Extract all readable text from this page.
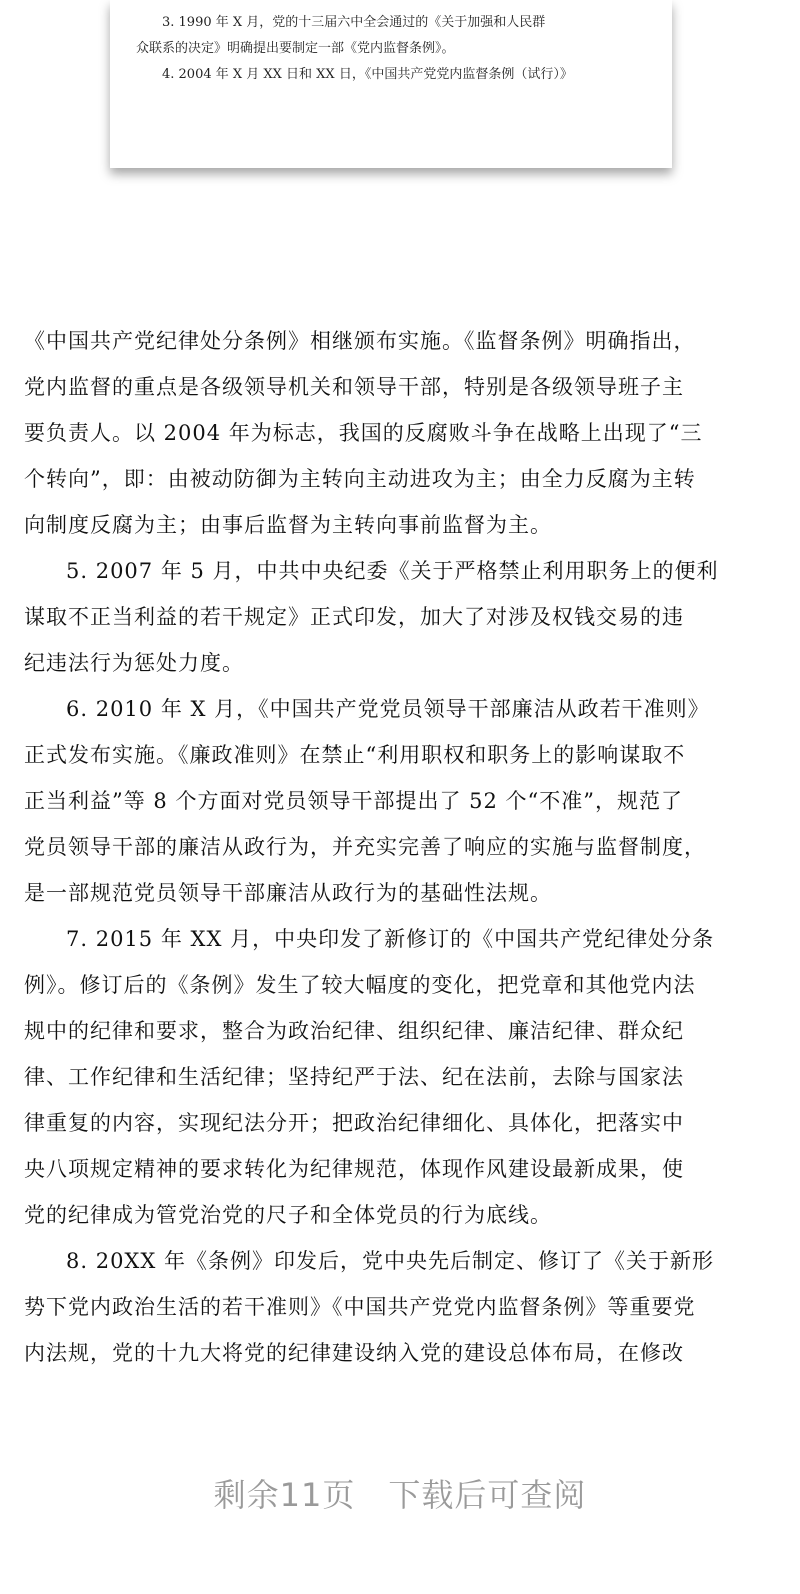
3. 1990 年 X 月，党的十三届六中全会通过的《关于加强和人民群

众联系的决定》明确提出要制定一部《党内监督条例》。

4. 2004 年 X 月 XX 日和 XX 日，《中国共产党党内监督条例（试行）》

《中国共产党纪律处分条例》相继颁布实施。《监督条例》明确指出，

党内监督的重点是各级领导机关和领导干部，特别是各级领导班子主

要负责人。以 2004 年为标志，我国的反腐败斗争在战略上出现了“三

个转向”，即：由被动防御为主转向主动进攻为主；由全力反腐为主转

向制度反腐为主；由事后监督为主转向事前监督为主。

5. 2007 年 5 月，中共中央纪委《关于严格禁止利用职务上的便利

谋取不正当利益的若干规定》正式印发，加大了对涉及权钱交易的违

纪违法行为惩处力度。

6. 2010 年 X 月，《中国共产党党员领导干部廉洁从政若干准则》

正式发布实施。《廉政准则》在禁止“利用职权和职务上的影响谋取不

正当利益”等 8 个方面对党员领导干部提出了 52 个“不准”，规范了

党员领导干部的廉洁从政行为，并充实完善了响应的实施与监督制度，

是一部规范党员领导干部廉洁从政行为的基础性法规。

7. 2015 年 XX 月，中央印发了新修订的《中国共产党纪律处分条

例》。修订后的《条例》发生了较大幅度的变化，把党章和其他党内法

规中的纪律和要求，整合为政治纪律、组织纪律、廉洁纪律、群众纪

律、工作纪律和生活纪律；坚持纪严于法、纪在法前，去除与国家法

律重复的内容，实现纪法分开；把政治纪律细化、具体化，把落实中

央八项规定精神的要求转化为纪律规范，体现作风建设最新成果，使

党的纪律成为管党治党的尺子和全体党员的行为底线。

8. 20XX 年《条例》印发后，党中央先后制定、修订了《关于新形

势下党内政治生活的若干准则》《中国共产党党内监督条例》等重要党

内法规，党的十九大将党的纪律建设纳入党的建设总体布局，在修改

剩余11页　下载后可查阅
